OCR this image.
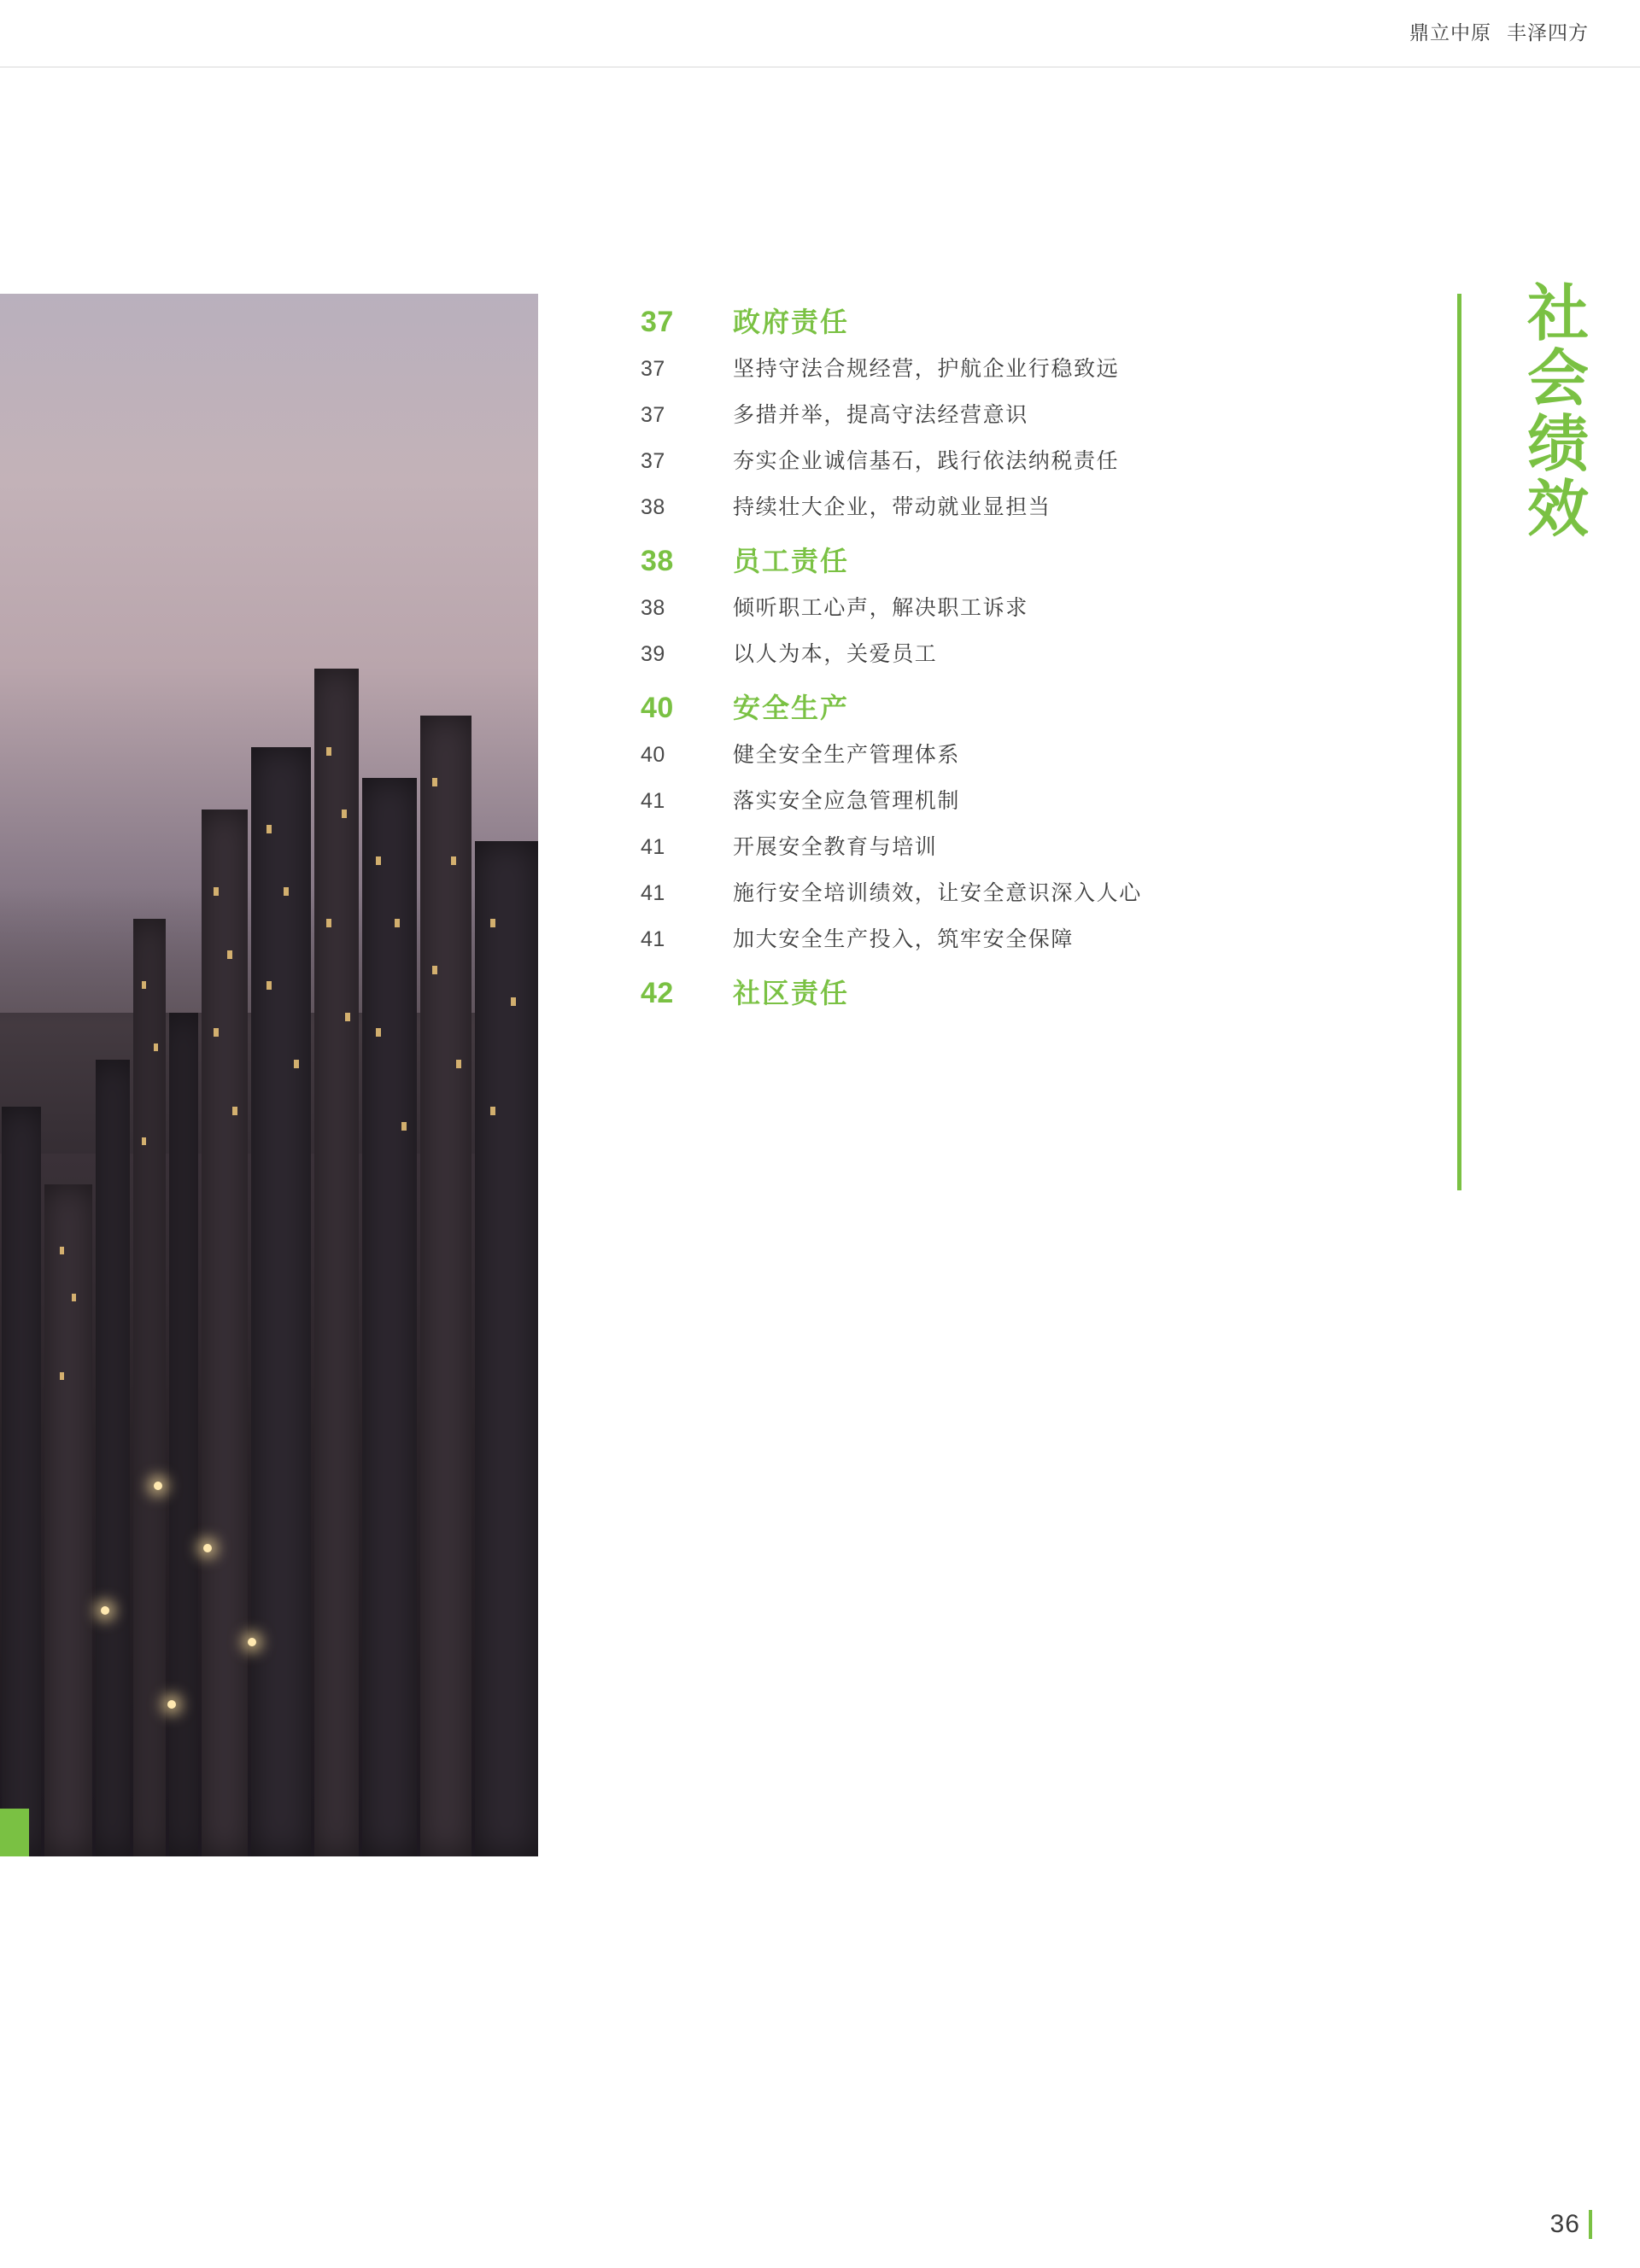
鼎立中原 丰泽四方
37	政府责任
37	坚持守法合规经营，护航企业行稳致远
37	多措并举，提高守法经营意识
37	夯实企业诚信基石，践行依法纳税责任
38	持续壮大企业，带动就业显担当
38	员工责任
38	倾听职工心声，解决职工诉求
39	以人为本，关爱员工
40	安全生产
40	健全安全生产管理体系
41	落实安全应急管理机制
41	开展安全教育与培训
41	施行安全培训绩效，让安全意识深入人心
41	加大安全生产投入，筑牢安全保障
42	社区责任
社
会
绩
效
36
